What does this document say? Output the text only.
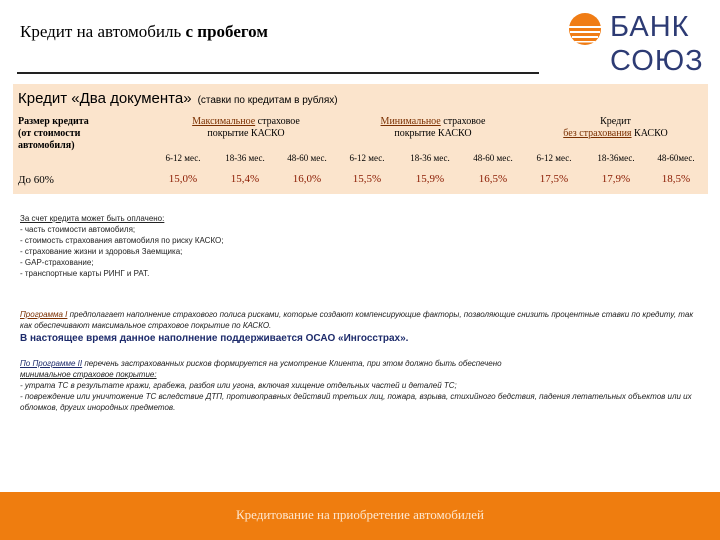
Кредит на автомобиль с пробегом	БАНК
СОЮЗ
Кредит «Два документа» (ставки по кредитам в рублях)
Размер кредита
(от стоимости
автомобиля)
Максимальное страховое
покрытие КАСКО
Минимальное страховое
покрытие КАСКО
Кредит
без страхования КАСКО
6-12 мес.	18-36 мес.	48-60 мес.	6-12 мес.	18-36 мес.	48-60 мес.	6-12 мес.	18-36мес.	48-60мес.
До 60%	15,0%	15,4%	16,0%	15,5%	15,9%	16,5%	17,5%	17,9%	18,5%
За счет кредита может быть оплачено:
- часть стоимости автомобиля;
- стоимость страхования автомобиля по риску КАСКО;
- страхование жизни и здоровья Заемщика;
- GAP-страхование;
- транспортные карты РИНГ и РАТ.
Программа I предполагает наполнение страхового полиса рисками, которые создают компенсирующие факторы, позволяющие снизить процентные ставки по кредиту, так как обеспечивают максимальное страховое покрытие по КАСКО.
В настоящее время данное наполнение поддерживается ОСАО «Ингосстрах».
По Программе II перечень застрахованных рисков формируется на усмотрение Клиента, при этом должно быть обеспечено
минимальное страховое покрытие:
- утрата ТС в результате кражи, грабежа, разбоя или угона, включая хищение отдельных частей и деталей ТС;
- повреждение или уничтожение ТС вследствие ДТП, противоправных действий третьих лиц, пожара, взрыва, стихийного бедствия, падения летательных объектов или их обломков, других инородных предметов.
Кредитование на приобретение автомобилей
